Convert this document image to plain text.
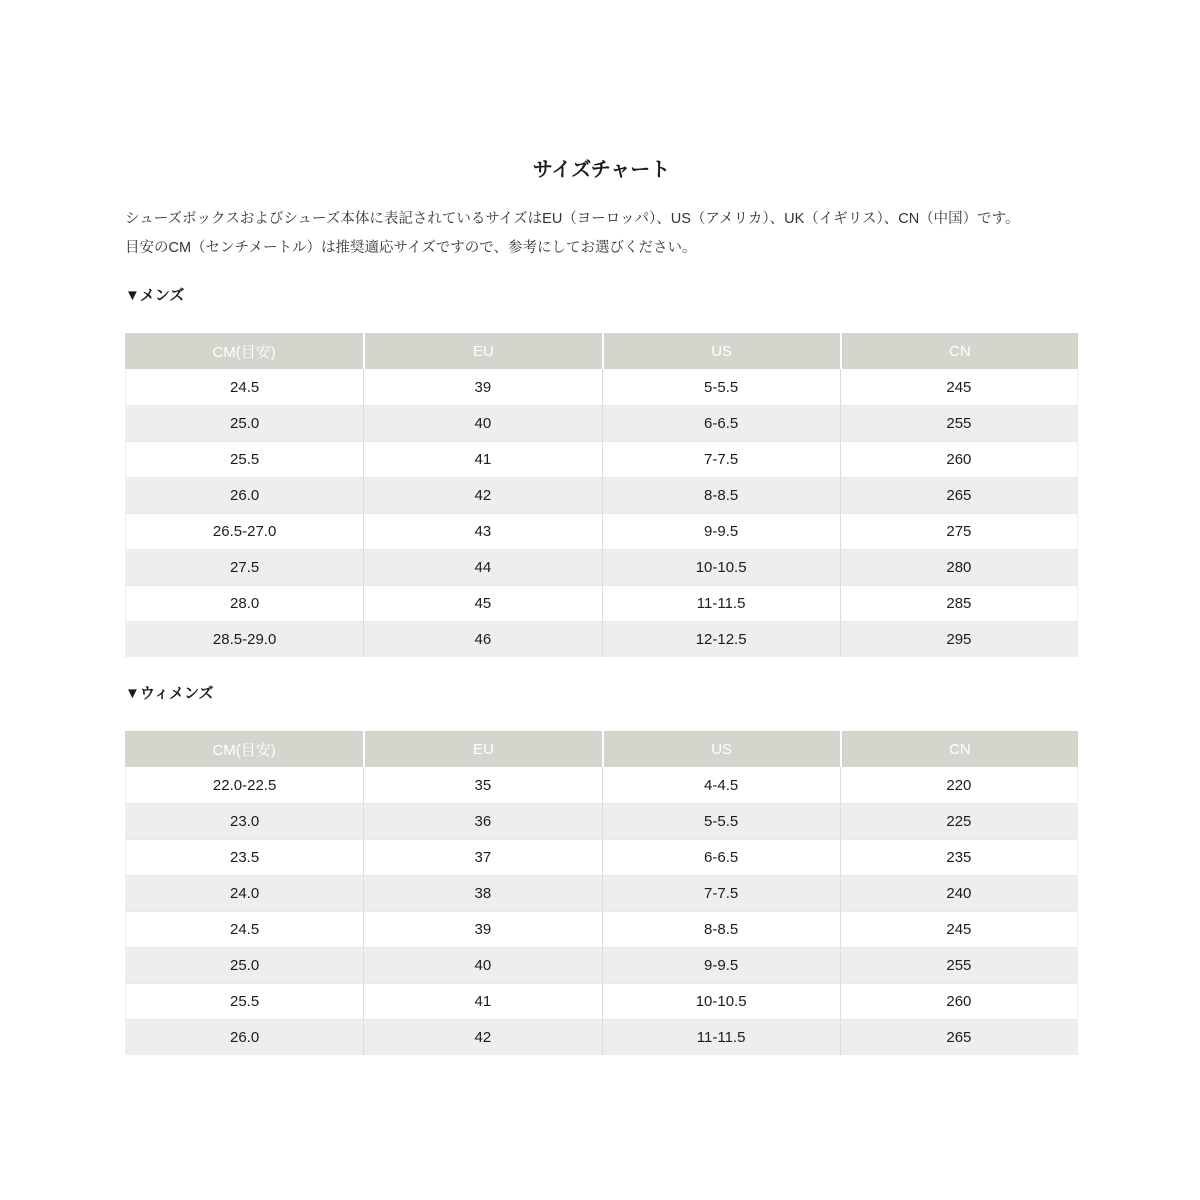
サイズチャート

シューズボックスおよびシューズ本体に表記されているサイズはEU（ヨーロッパ）、US（アメリカ）、UK（イギリス）、CN（中国）です。

目安のCM（センチメートル）は推奨適応サイズですので、参考にしてお選びください。

▼メンズ

CM(目安)	EU	US	CN
24.5	39	5-5.5	245
25.0	40	6-6.5	255
25.5	41	7-7.5	260
26.0	42	8-8.5	265
26.5-27.0	43	9-9.5	275
27.5	44	10-10.5	280
28.0	45	11-11.5	285
28.5-29.0	46	12-12.5	295

▼ウィメンズ

CM(目安)	EU	US	CN
22.0-22.5	35	4-4.5	220
23.0	36	5-5.5	225
23.5	37	6-6.5	235
24.0	38	7-7.5	240
24.5	39	8-8.5	245
25.0	40	9-9.5	255
25.5	41	10-10.5	260
26.0	42	11-11.5	265
